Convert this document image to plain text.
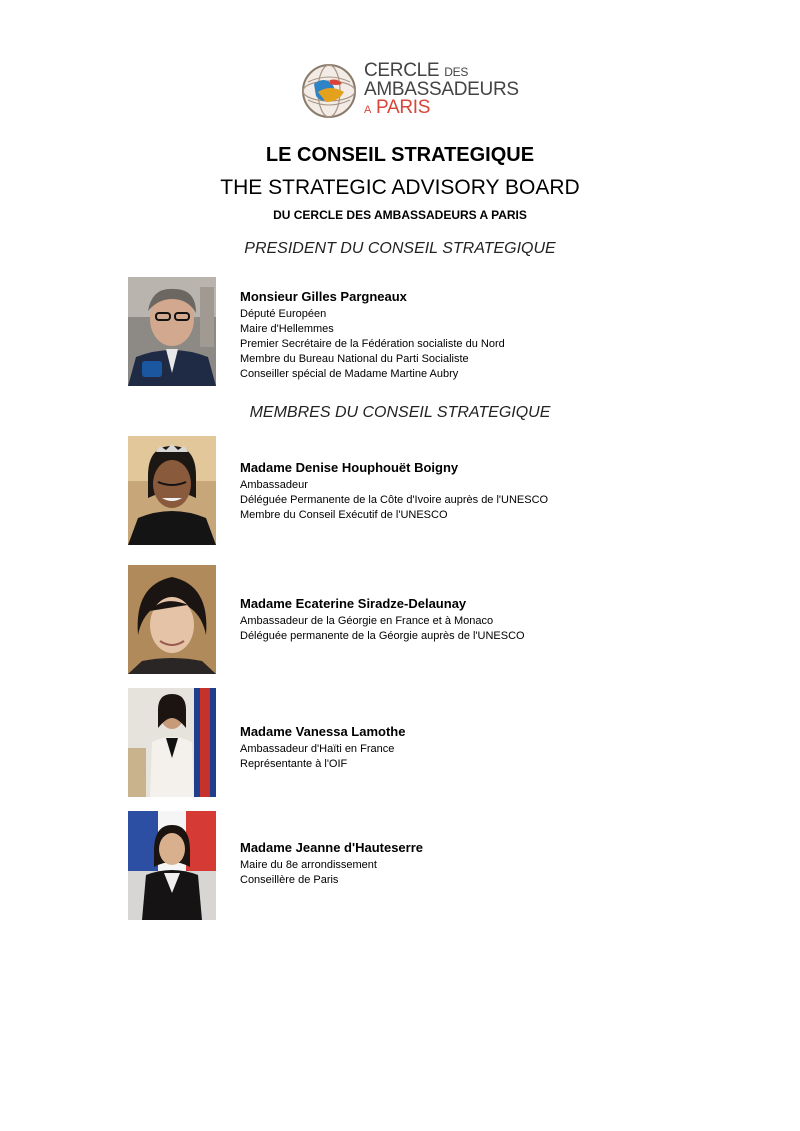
CERCLE DES
AMBASSADEURS
A PARIS
LE CONSEIL STRATEGIQUE
THE STRATEGIC ADVISORY BOARD
DU CERCLE DES AMBASSADEURS A PARIS
PRESIDENT DU CONSEIL STRATEGIQUE
Monsieur Gilles Pargneaux
Député Européen
Maire d'Hellemmes
Premier Secrétaire de la Fédération socialiste du Nord
Membre du Bureau National du Parti Socialiste
Conseiller spécial de Madame Martine Aubry
MEMBRES DU CONSEIL STRATEGIQUE
Madame Denise Houphouët Boigny
Ambassadeur
Déléguée Permanente de la Côte d'Ivoire auprès de l'UNESCO
Membre du Conseil Exécutif de l'UNESCO
Madame Ecaterine Siradze-Delaunay
Ambassadeur de la Géorgie en France et à Monaco
Déléguée permanente de la Géorgie auprès de l'UNESCO
Madame Vanessa Lamothe
Ambassadeur d'Haïti en France
Représentante à l'OIF
Madame Jeanne d'Hauteserre
Maire du 8e arrondissement
Conseillère de Paris
